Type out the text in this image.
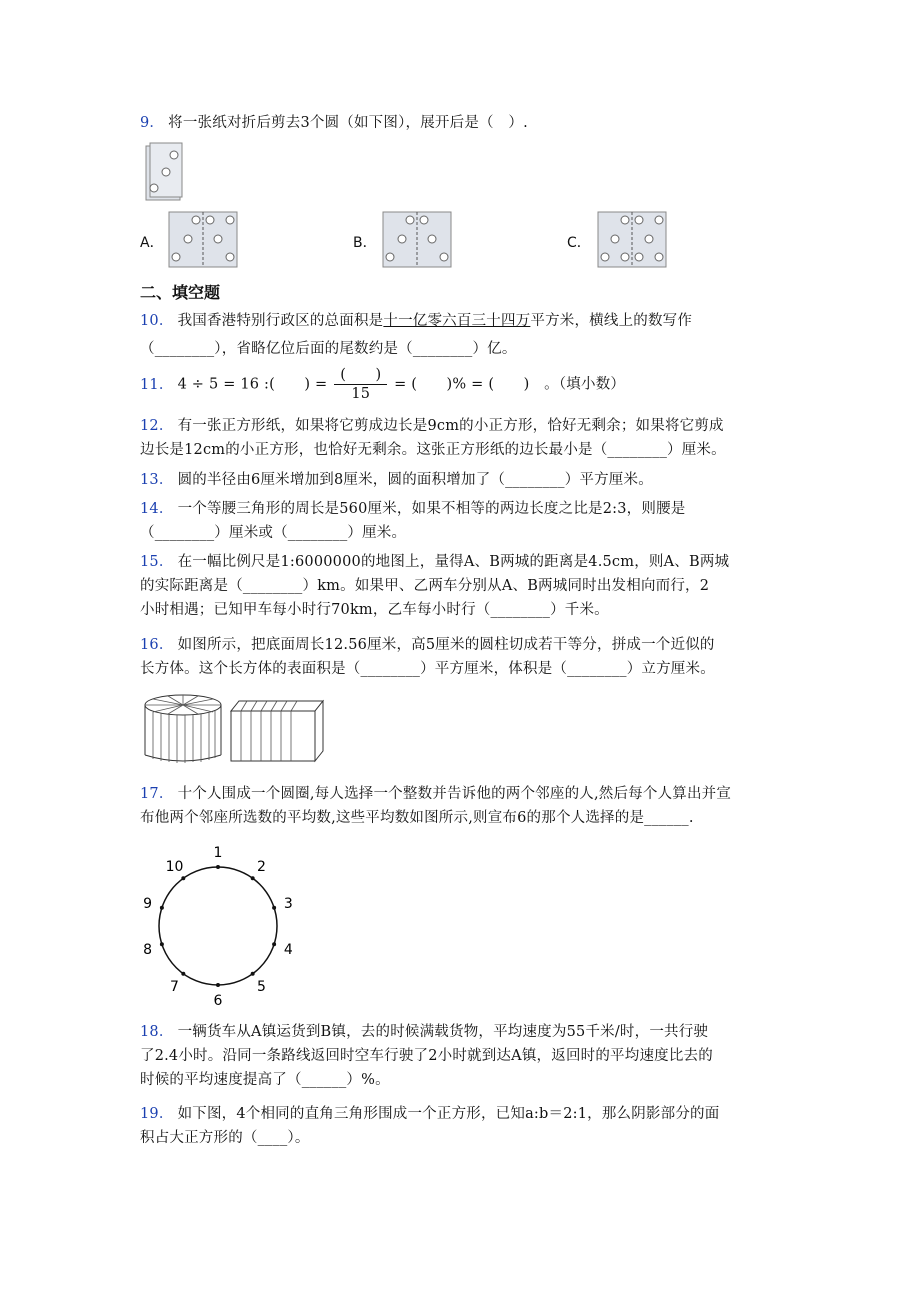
9． 将一张纸对折后剪去3个圆（如下图），展开后是（　）.
A．	B．	C．
二、填空题
10． 我国香港特别行政区的总面积是十一亿零六百三十四万平方米，横线上的数写作
（________），省略亿位后面的尾数约是（________）亿。
11． 4 ÷ 5 = 16 :(　　) = $\frac{( )}{15}$ = (　　)% = (　　)　。（填小数）
12． 有一张正方形纸，如果将它剪成边长是9cm的小正方形，恰好无剩余；如果将它剪成
边长是12cm的小正方形，也恰好无剩余。这张正方形纸的边长最小是（________）厘米。
13． 圆的半径由6厘米增加到8厘米，圆的面积增加了（________）平方厘米。
14． 一个等腰三角形的周长是560厘米，如果不相等的两边长度之比是2:3，则腰是
（________）厘米或（________）厘米。
15． 在一幅比例尺是1:6000000的地图上，量得A、B两城的距离是4.5cm，则A、B两城
的实际距离是（________）km。如果甲、乙两车分别从A、B两城同时出发相向而行，2
小时相遇；已知甲车每小时行70km，乙车每小时行（________）千米。
16． 如图所示，把底面周长12.56厘米，高5厘米的圆柱切成若干等分，拼成一个近似的
长方体。这个长方体的表面积是（________）平方厘米，体积是（________）立方厘米。
17． 十个人围成一个圆圈,每人选择一个整数并告诉他的两个邻座的人,然后每个人算出并宣
布他两个邻座所选数的平均数,这些平均数如图所示,则宣布6的那个人选择的是______.
1
2
3
4
5
6
7
8
9
10
18． 一辆货车从A镇运货到B镇，去的时候满载货物，平均速度为55千米/时，一共行驶
了2.4小时。沿同一条路线返回时空车行驶了2小时就到达A镇，返回时的平均速度比去的
时候的平均速度提高了（______）%。
19． 如下图，4个相同的直角三角形围成一个正方形，已知a:b＝2:1，那么阴影部分的面
积占大正方形的（____）。
